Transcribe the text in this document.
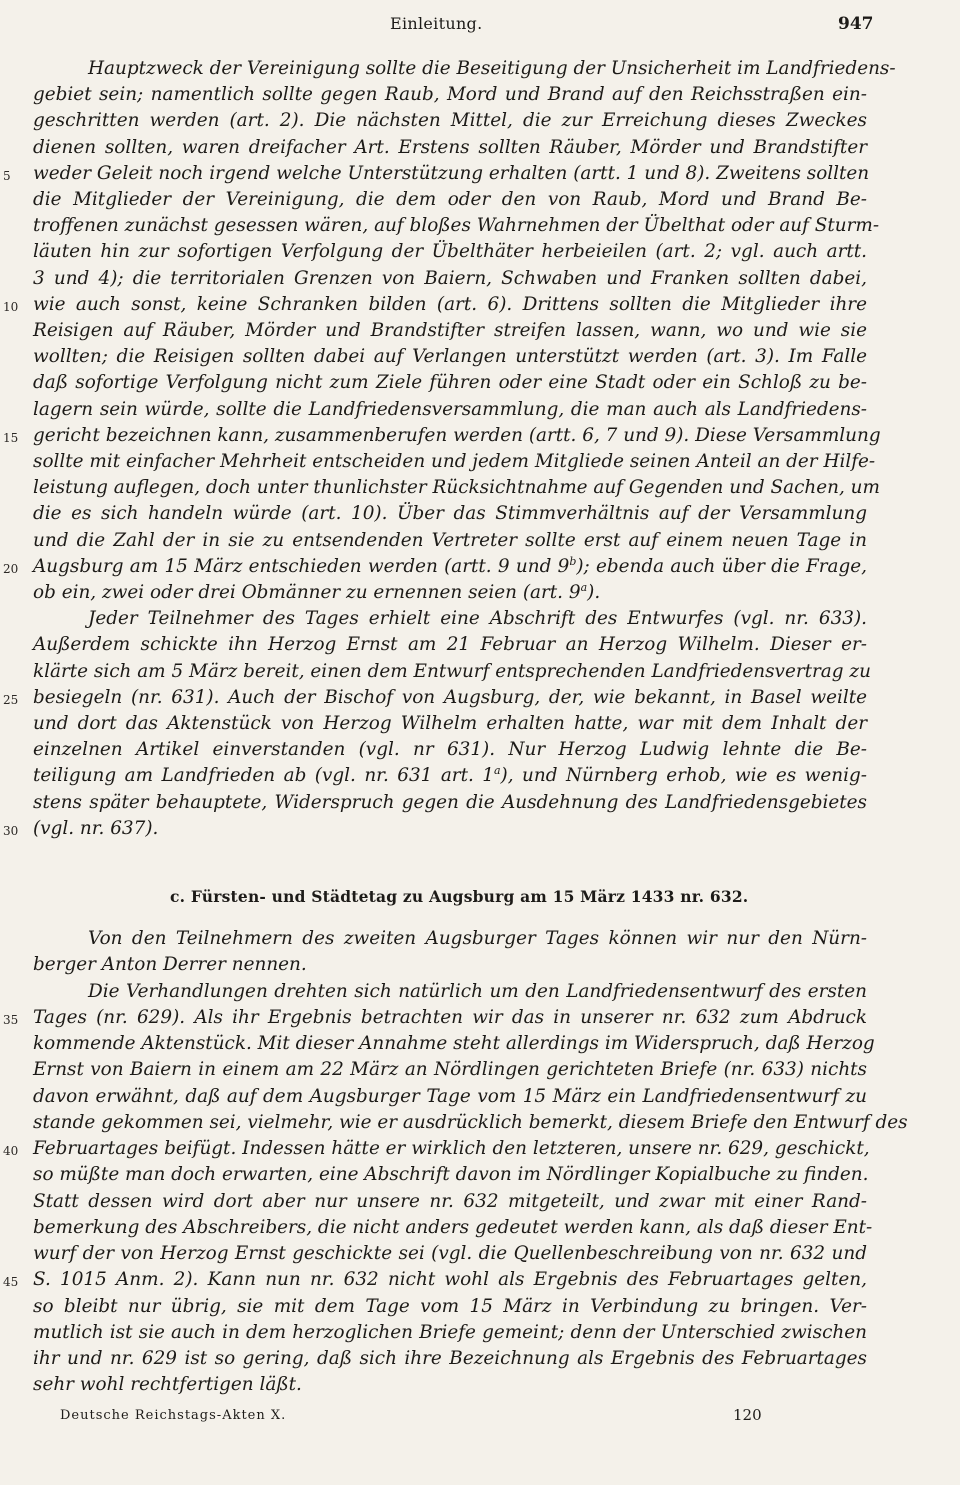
Einleitung.	947
Hauptzweck der Vereinigung sollte die Beseitigung der Unsicherheit im Landfriedens-
gebiet sein; namentlich sollte gegen Raub, Mord und Brand auf den Reichsstraßen ein-
geschritten werden (art. 2). Die nächsten Mittel, die zur Erreichung dieses Zweckes
dienen sollten, waren dreifacher Art. Erstens sollten Räuber, Mörder und Brandstifter
5	weder Geleit noch irgend welche Unterstützung erhalten (artt. 1 und 8). Zweitens sollten
die Mitglieder der Vereinigung, die dem oder den von Raub, Mord und Brand Be-
troffenen zunächst gesessen wären, auf bloßes Wahrnehmen der Übelthat oder auf Sturm-
läuten hin zur sofortigen Verfolgung der Übelthäter herbeieilen (art. 2; vgl. auch artt.
3 und 4); die territorialen Grenzen von Baiern, Schwaben und Franken sollten dabei,
10 wie auch sonst, keine Schranken bilden (art. 6). Drittens sollten die Mitglieder ihre
Reisigen auf Räuber, Mörder und Brandstifter streifen lassen, wann, wo und wie sie
wollten; die Reisigen sollten dabei auf Verlangen unterstützt werden (art. 3). Im Falle
daß sofortige Verfolgung nicht zum Ziele führen oder eine Stadt oder ein Schloß zu be-
lagern sein würde, sollte die Landfriedensversammlung, die man auch als Landfriedens-
15 gericht bezeichnen kann, zusammenberufen werden (artt. 6, 7 und 9). Diese Versammlung
sollte mit einfacher Mehrheit entscheiden und jedem Mitgliede seinen Anteil an der Hilfe-
leistung auflegen, doch unter thunlichster Rücksichtnahme auf Gegenden und Sachen, um
die es sich handeln würde (art. 10). Über das Stimmverhältnis auf der Versammlung
und die Zahl der in sie zu entsendenden Vertreter sollte erst auf einem neuen Tage in
20 Augsburg am 15 März entschieden werden (artt. 9 und 9$^b$); ebenda auch über die Frage,
ob ein, zwei oder drei Obmänner zu ernennen seien (art. 9$^a$).
Jeder Teilnehmer des Tages erhielt eine Abschrift des Entwurfes (vgl. nr. 633).
Außerdem schickte ihn Herzog Ernst am 21 Februar an Herzog Wilhelm. Dieser er-
klärte sich am 5 März bereit, einen dem Entwurf entsprechenden Landfriedensvertrag zu
25 besiegeln (nr. 631). Auch der Bischof von Augsburg, der, wie bekannt, in Basel weilte
und dort das Aktenstück von Herzog Wilhelm erhalten hatte, war mit dem Inhalt der
einzelnen Artikel einverstanden (vgl. nr 631). Nur Herzog Ludwig lehnte die Be-
teiligung am Landfrieden ab (vgl. nr. 631 art. 1$^a$), und Nürnberg erhob, wie es wenig-
stens später behauptete, Widerspruch gegen die Ausdehnung des Landfriedensgebietes
30 (vgl. nr. 637).
c. Fürsten- und Städtetag zu Augsburg am 15 März 1433 nr. 632.
Von den Teilnehmern des zweiten Augsburger Tages können wir nur den Nürn-
berger Anton Derrer nennen.
Die Verhandlungen drehten sich natürlich um den Landfriedensentwurf des ersten
35 Tages (nr. 629). Als ihr Ergebnis betrachten wir das in unserer nr. 632 zum Abdruck
kommende Aktenstück. Mit dieser Annahme steht allerdings im Widerspruch, daß Herzog
Ernst von Baiern in einem am 22 März an Nördlingen gerichteten Briefe (nr. 633) nichts
davon erwähnt, daß auf dem Augsburger Tage vom 15 März ein Landfriedensentwurf zu
stande gekommen sei, vielmehr, wie er ausdrücklich bemerkt, diesem Briefe den Entwurf des
40 Februartages beifügt. Indessen hätte er wirklich den letzteren, unsere nr. 629, geschickt,
so müßte man doch erwarten, eine Abschrift davon im Nördlinger Kopialbuche zu finden.
Statt dessen wird dort aber nur unsere nr. 632 mitgeteilt, und zwar mit einer Rand-
bemerkung des Abschreibers, die nicht anders gedeutet werden kann, als daß dieser Ent-
wurf der von Herzog Ernst geschickte sei (vgl. die Quellenbeschreibung von nr. 632 und
45 S. 1015 Anm. 2). Kann nun nr. 632 nicht wohl als Ergebnis des Februartages gelten,
so bleibt nur übrig, sie mit dem Tage vom 15 März in Verbindung zu bringen. Ver-
mutlich ist sie auch in dem herzoglichen Briefe gemeint; denn der Unterschied zwischen
ihr und nr. 629 ist so gering, daß sich ihre Bezeichnung als Ergebnis des Februartages
sehr wohl rechtfertigen läßt.
Deutsche Reichstags-Akten X.	120
